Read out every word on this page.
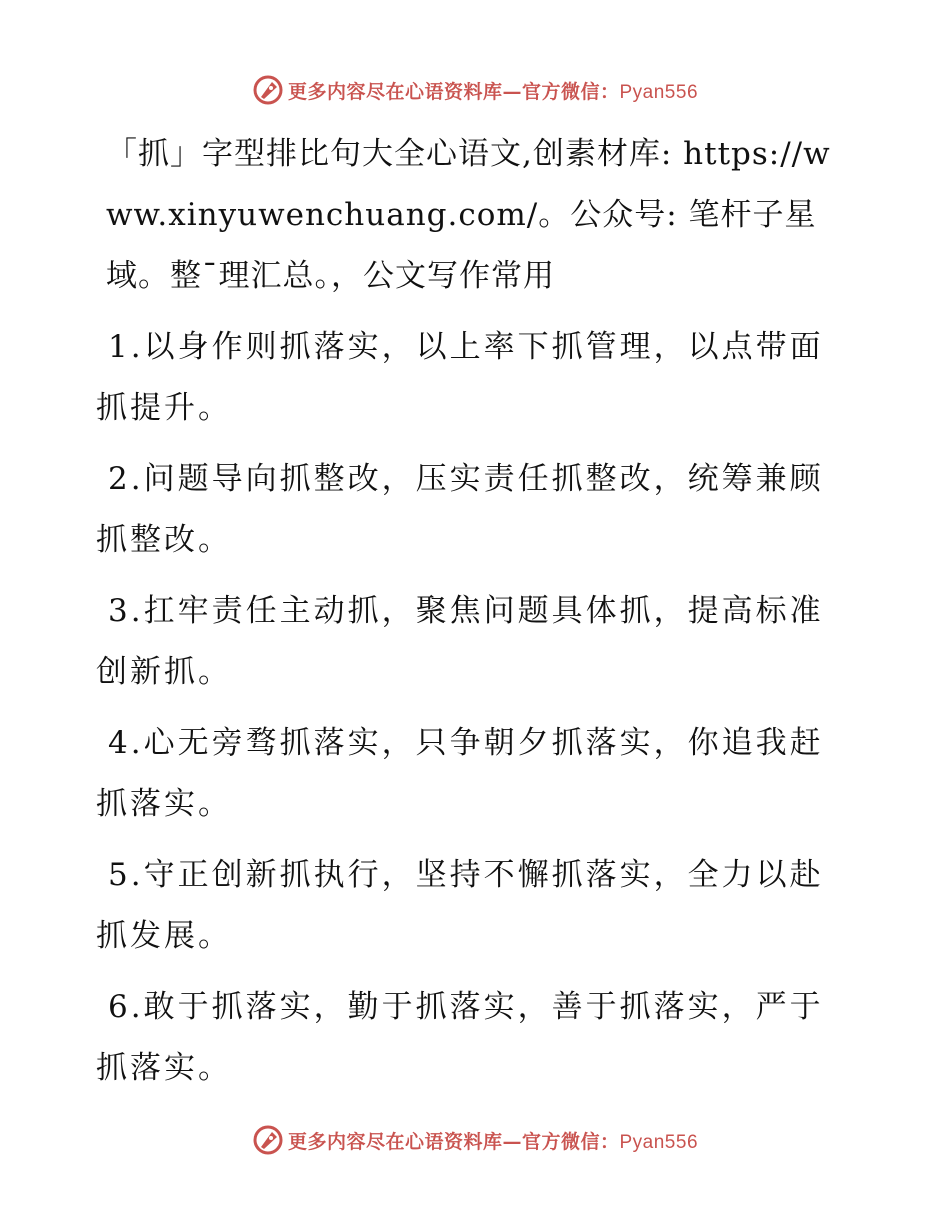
更多内容尽在心语资料库—官方微信：Pyan556

「抓」字型排比句大全心语文,创素材库: https://www.xinyuwenchuang.com/。公众号: 笔杆子星域。整¯理汇总。，公文写作常用

1.以身作则抓落实，以上率下抓管理，以点带面抓提升。

2.问题导向抓整改，压实责任抓整改，统筹兼顾抓整改。

3.扛牢责任主动抓，聚焦问题具体抓，提高标准创新抓。

4.心无旁骛抓落实，只争朝夕抓落实，你追我赶抓落实。

5.守正创新抓执行，坚持不懈抓落实，全力以赴抓发展。

6.敢于抓落实，勤于抓落实，善于抓落实，严于抓落实。

更多内容尽在心语资料库—官方微信：Pyan556
